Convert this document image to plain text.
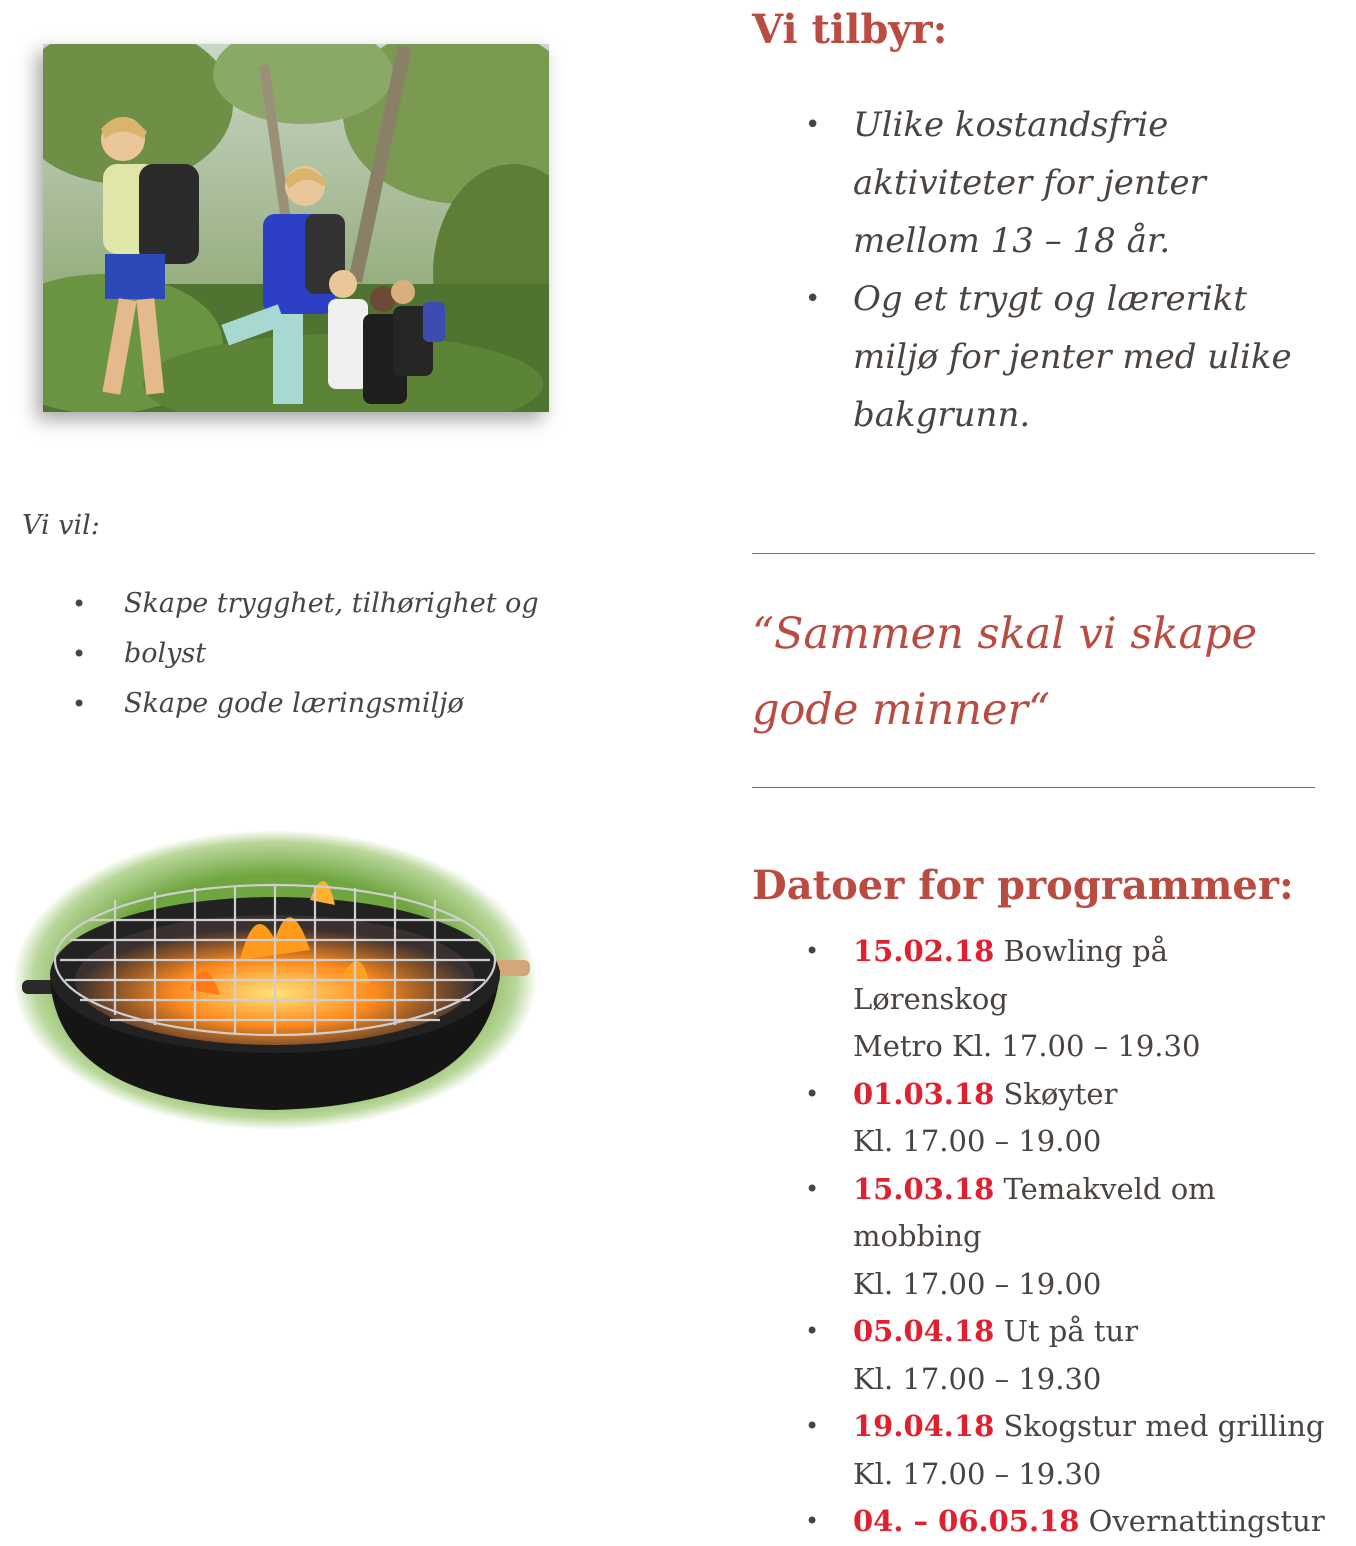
Vi vil:
• Skape trygghet, tilhørighet og
• bolyst
• Skape gode læringsmiljø
Vi tilbyr:
• Ulike kostandsfrie aktiviteter for jenter mellom 13 – 18 år.
• Og et trygt og lærerikt miljø for jenter med ulike bakgrunn.

“Sammen skal vi skape gode minner“

Datoer for programmer:
• 15.02.18 Bowling på Lørenskog
Metro Kl. 17.00 – 19.30
• 01.03.18 Skøyter
Kl. 17.00 – 19.00
• 15.03.18 Temakveld om mobbing
Kl. 17.00 – 19.00
• 05.04.18 Ut på tur
Kl. 17.00 – 19.30
• 19.04.18 Skogstur med grilling
Kl. 17.00 – 19.30
• 04. – 06.05.18 Overnattingstur
